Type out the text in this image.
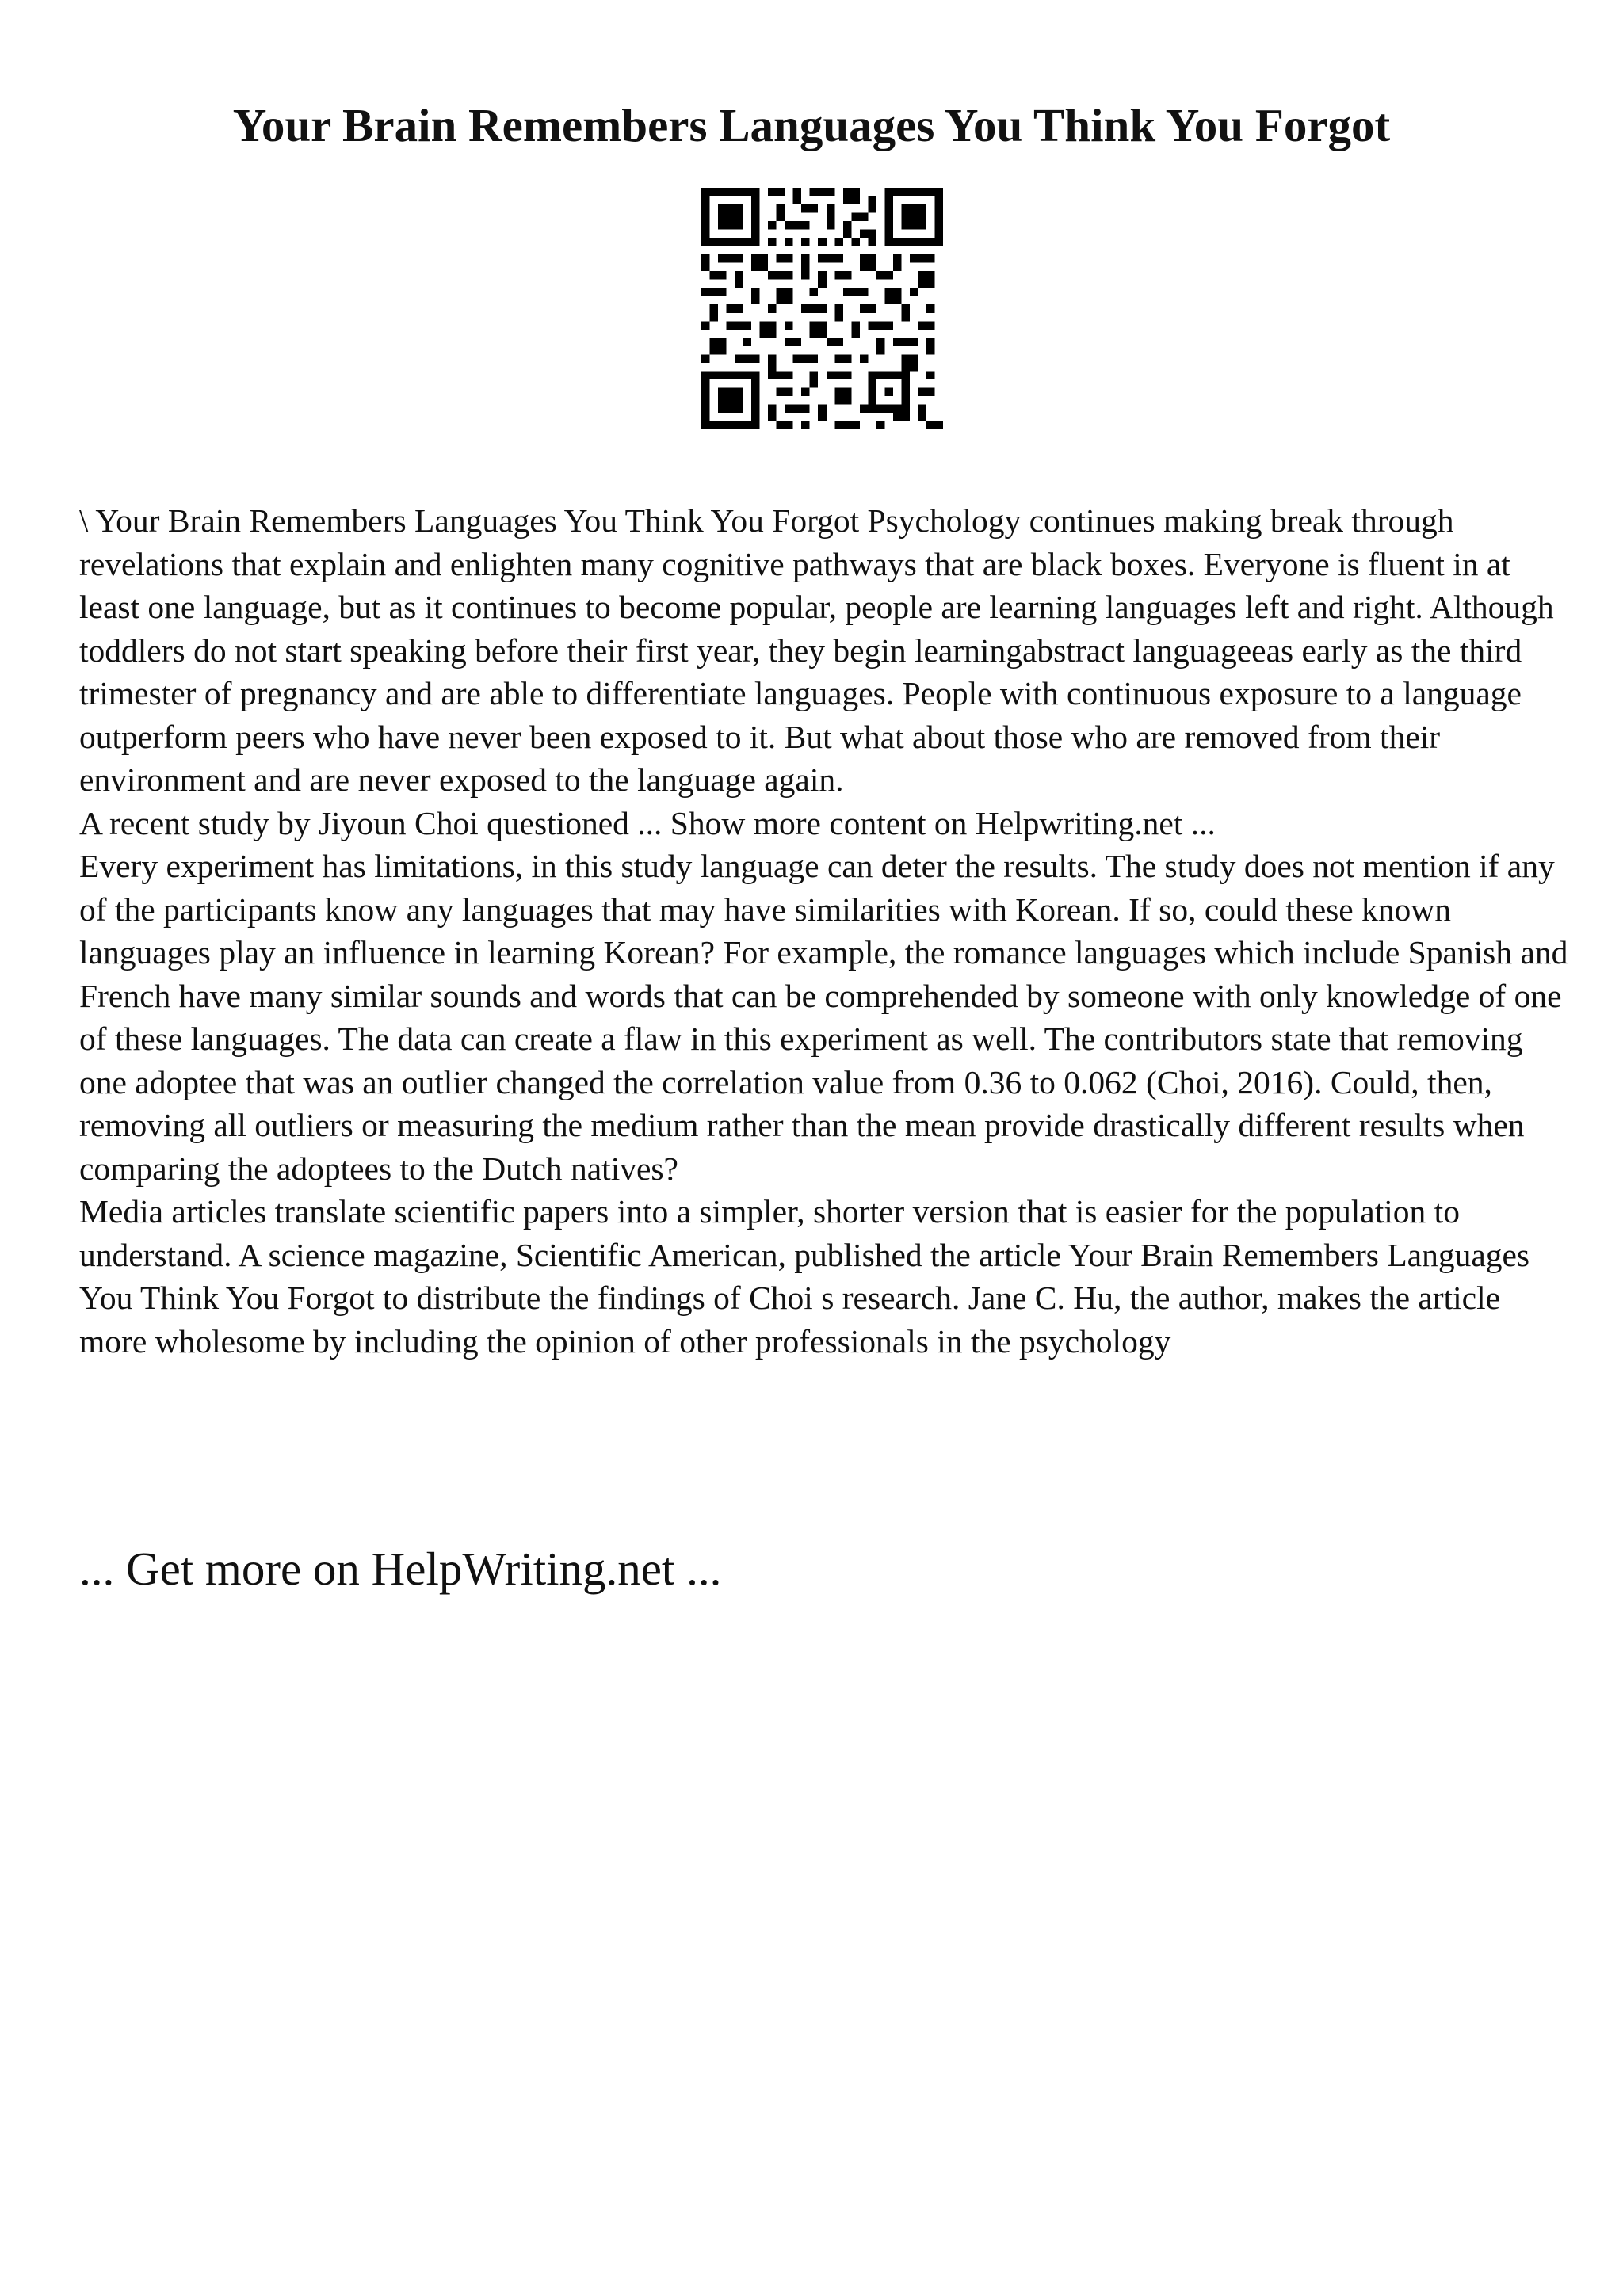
Your Brain Remembers Languages You Think You Forgot

\ Your Brain Remembers Languages You Think You Forgot Psychology continues making break through revelations that explain and enlighten many cognitive pathways that are black boxes. Everyone is fluent in at least one language, but as it continues to become popular, people are learning languages left and right. Although toddlers do not start speaking before their first year, they begin learningabstract languageeas early as the third trimester of pregnancy and are able to differentiate languages. People with continuous exposure to a language outperform peers who have never been exposed to it. But what about those who are removed from their environment and are never exposed to the language again.

A recent study by Jiyoun Choi questioned ... Show more content on Helpwriting.net ...

Every experiment has limitations, in this study language can deter the results. The study does not mention if any of the participants know any languages that may have similarities with Korean. If so, could these known languages play an influence in learning Korean? For example, the romance languages which include Spanish and French have many similar sounds and words that can be comprehended by someone with only knowledge of one of these languages. The data can create a flaw in this experiment as well. The contributors state that removing one adoptee that was an outlier changed the correlation value from 0.36 to 0.062 (Choi, 2016). Could, then, removing all outliers or measuring the medium rather than the mean provide drastically different results when comparing the adoptees to the Dutch natives?

Media articles translate scientific papers into a simpler, shorter version that is easier for the population to understand. A science magazine, Scientific American, published the article Your Brain Remembers Languages You Think You Forgot to distribute the findings of Choi s research. Jane C. Hu, the author, makes the article more wholesome by including the opinion of other professionals in the psychology

... Get more on HelpWriting.net ...
